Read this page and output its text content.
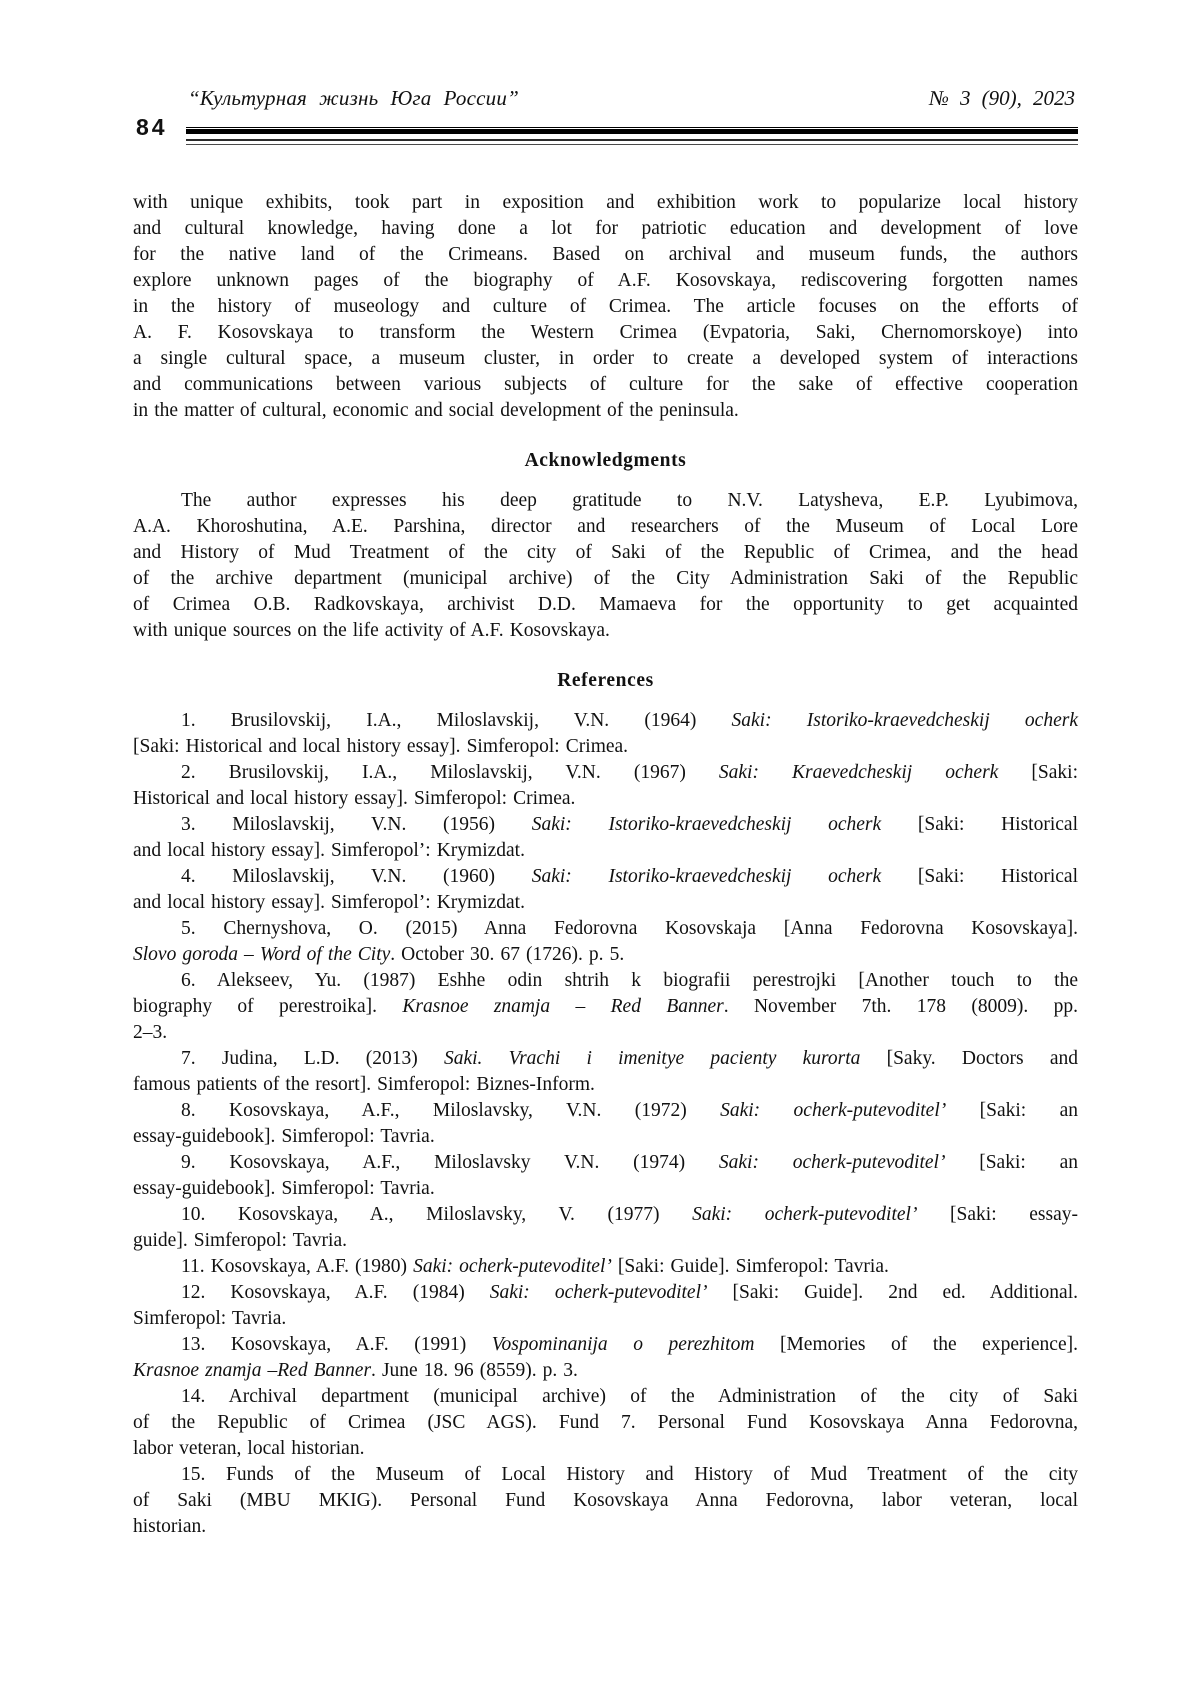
“Культурная жизнь Юга России”	№ 3 (90), 2023
84
with unique exhibits, took part in exposition and exhibition work to popularize local history
and cultural knowledge, having done a lot for patriotic education and development of love
for the native land of the Crimeans. Based on archival and museum funds, the authors
explore unknown pages of the biography of A.F. Kosovskaya, rediscovering forgotten names
in the history of museology and culture of Crimea. The article focuses on the efforts of
A. F. Kosovskaya to transform the Western Crimea (Evpatoria, Saki, Chernomorskoye) into
a single cultural space, a museum cluster, in order to create a developed system of interactions
and communications between various subjects of culture for the sake of effective cooperation
in the matter of cultural, economic and social development of the peninsula.
Acknowledgments
The author expresses his deep gratitude to N.V. Latysheva, E.P. Lyubimova,
A.A. Khoroshutina, A.E. Parshina, director and researchers of the Museum of Local Lore
and History of Mud Treatment of the city of Saki of the Republic of Crimea, and the head
of the archive department (municipal archive) of the City Administration Saki of the Republic
of Crimea O.B. Radkovskaya, archivist D.D. Mamaeva for the opportunity to get acquainted
with unique sources on the life activity of A.F. Kosovskaya.
References
1. Brusilovskij, I.A., Miloslavskij, V.N. (1964) Saki: Istoriko-kraevedcheskij ocherk
[Saki: Historical and local history essay]. Simferopol: Crimea.
2. Brusilovskij, I.A., Miloslavskij, V.N. (1967) Saki: Kraevedcheskij ocherk [Saki:
Historical and local history essay]. Simferopol: Crimea.
3. Miloslavskij, V.N. (1956) Saki: Istoriko-kraevedcheskij ocherk [Saki: Historical
and local history essay]. Simferopol’: Krymizdat.
4. Miloslavskij, V.N. (1960) Saki: Istoriko-kraevedcheskij ocherk [Saki: Historical
and local history essay]. Simferopol’: Krymizdat.
5. Chernyshova, O. (2015) Anna Fedorovna Kosovskaja [Anna Fedorovna Kosovskaya].
Slovo goroda – Word of the City. October 30. 67 (1726). p. 5.
6. Alekseev, Yu. (1987) Eshhe odin shtrih k biografii perestrojki [Another touch to the
biography of perestroika]. Krasnoe znamja – Red Banner. November 7th. 178 (8009). pp.
2–3.
7. Judina, L.D. (2013) Saki. Vrachi i imenitye pacienty kurorta [Saky. Doctors and
famous patients of the resort]. Simferopol: Biznes-Inform.
8. Kosovskaya, A.F., Miloslavsky, V.N. (1972) Saki: ocherk-putevoditel’ [Saki: an
essay-guidebook]. Simferopol: Tavria.
9. Kosovskaya, A.F., Miloslavsky V.N. (1974) Saki: ocherk-putevoditel’ [Saki: an
essay-guidebook]. Simferopol: Tavria.
10. Kosovskaya, A., Miloslavsky, V. (1977) Saki: ocherk-putevoditel’ [Saki: essay-
guide]. Simferopol: Tavria.
11. Kosovskaya, A.F. (1980) Saki: ocherk-putevoditel’ [Saki: Guide]. Simferopol: Tavria.
12. Kosovskaya, A.F. (1984) Saki: ocherk-putevoditel’ [Saki: Guide]. 2nd ed. Additional.
Simferopol: Tavria.
13. Kosovskaya, A.F. (1991) Vospominanija o perezhitom [Memories of the experience].
Krasnoe znamja –Red Banner. June 18. 96 (8559). p. 3.
14. Archival department (municipal archive) of the Administration of the city of Saki
of the Republic of Crimea (JSC AGS). Fund 7. Personal Fund Kosovskaya Anna Fedorovna,
labor veteran, local historian.
15. Funds of the Museum of Local History and History of Mud Treatment of the city
of Saki (MBU MKIG). Personal Fund Kosovskaya Anna Fedorovna, labor veteran, local
historian.
